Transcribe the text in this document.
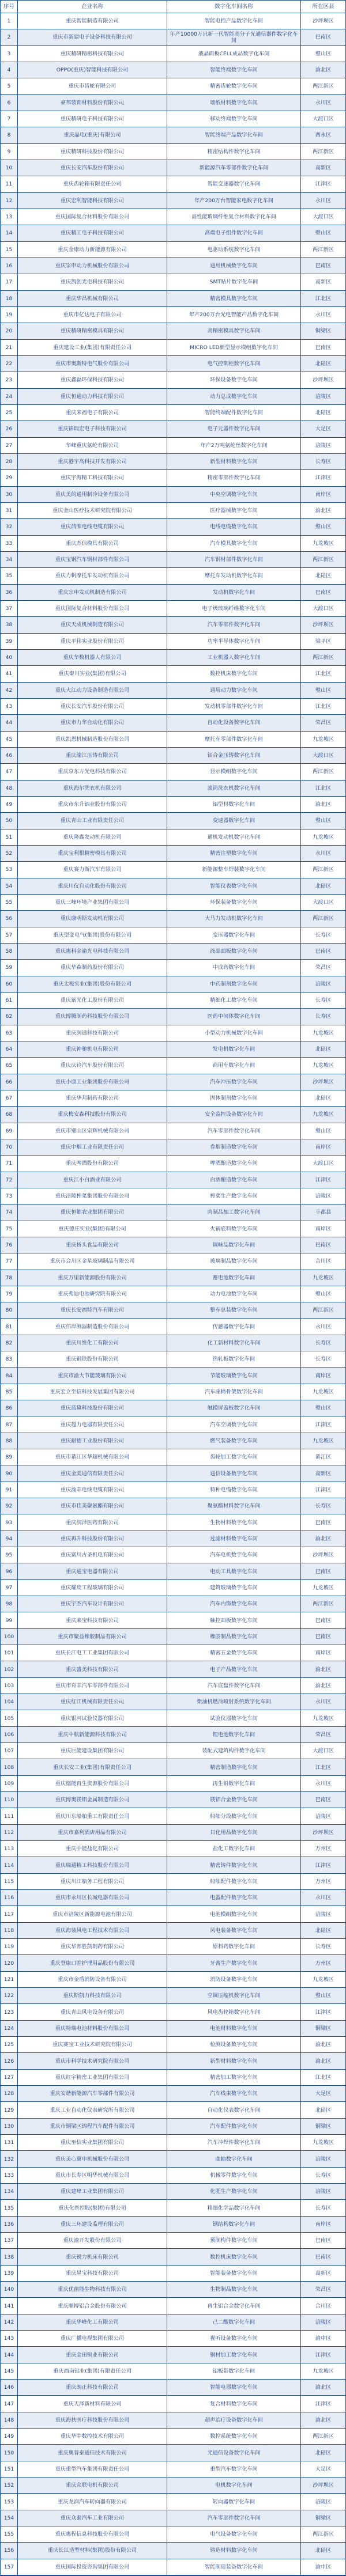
序号	企业名称	数字化车间名称	所在区县
1	重庆智能制造有限公司	智能电控产品数字化车间	沙坪坝区
2	重庆市新建电子设备科技有限公司	年产10000万只新一代智能高分子光通信器件数字化车间	巴南区
3	重庆精研精密科技有限公司	液晶面板CELL成品数字化车间	璧山区
4	OPPO(重庆)智能科技有限公司	智能终端数字化车间	渝北区
5	重庆市齿轮有限公司	精密齿轮数字化车间	两江新区
6	豪邦装饰材料股份有限公司	墙纸材料数字化车间	永川区
7	重庆精研电子科技有限公司	移动终端数字化车间	大渡口区
8	重庆晶电(重庆)有限公司	智能终端产品数字化车间	西永区
9	重庆精研科技股份有限公司	精密结构件数字化车间	两江新区
10	重庆长安汽车股份有限公司	新能源汽车零部件数字化车间	高新区
11	重庆齿轮箱有限责任公司	智能变速器数字化车间	江津区
12	重庆宏利智能科技有限公司	年产200万台智能家电数字化车间	永川区
13	重庆国际复合材料股份有限公司	高性能玻璃纤维复合材料数字化车间	大渡口区
14	重庆精工电子科技有限公司	高端电子组件数字化车间	壁山区
15	重庆金康动力新能源有限公司	电驱动系统数字化车间	两江新区
16	重庆宗申动力机械股份有限公司	通用机械数字化车间	巴南区
17	重庆凯创光电科技有限公司	SMT贴片数字化车间	高新区
18	重庆华昌机械有限公司	精密模具数字化车间	江北区
19	重庆市亿达电子有限公司	年产200万台光电智能产品数字化车间	永川区
20	重庆精研精密模具有限公司	高精密模具数字化车间	铜梁区
21	重庆建设工业(集团)有限责任公司	MICRO LED新型显示模组数字化车间	巴南区
22	重庆市奥斯特电气股份有限公司	电气控制柜数字化车间	北碚区
23	重庆鑫磊环保科技有限公司	环保设备数字化车间	沙坪坝区
24	重庆恒通动力科技有限公司	动力总成数字化车间	涪陵区
25	重庆来福电子有限公司	智能终端配件数字化车间	北碚区
26	重庆锦瑞宏电子科技有限公司	电子元器件数字化车间	大足区
27	华峰重庆氨纶有限公司	年产2万吨氨纶丝数字化车间	涪陵区
28	重庆港宇高科技开发有限公司	新型材料数字化车间	长寿区
29	重庆宇海精工科技有限公司	精密零部件数字化车间	江津区
30	重庆美的通用制冷设备有限公司	中央空调数字化车间	南岸区
31	重庆金山医疗技术研究院有限公司	医疗器械数字化车间	渝北区
32	重庆鸽牌电线电缆有限公司	电线电缆数字化车间	璧山区
33	重庆杰信模具有限公司	汽车模具数字化车间	九龙坡区
34	重庆宝钢汽车钢材部件有限公司	汽车钢材部件数字化车间	两江新区
35	重庆力帆摩托车发动机有限公司	摩托车发动机数字化车间	北碚区
36	重庆宗申发动机制造有限公司	发动机数字化车间	巴南区
37	重庆国际复合材料股份有限公司	电子级玻璃纤维数字化车间	大渡口区
38	重庆天成机械制造有限公司	汽车零部件数字化车间	沙坪坝区
39	重庆平伟实业股份有限公司	功率半导体数字化车间	梁平区
40	重庆华数机器人有限公司	工业机器人数字化车间	两江新区
41	重庆秦川实业(集团)有限公司	数控机床数字化车间	江北区
42	重庆大江动力设备制造有限公司	通用动力数字化车间	璧山区
43	重庆长安汽车股份有限公司	发动机零部件数字化车间	江北区
44	重庆市力华自动化有限公司	自动化设备数字化车间	荣昌区
45	重庆凯恩机械制造股份有限公司	摩托车零部件数字化车间	九龙坡区
46	重庆渝江压铸有限公司	铝合金压铸数字化车间	大渡口区
47	重庆京东方光电科技有限公司	显示模组数字化车间	两江新区
48	重庆海尔洗衣机有限公司	滚筒洗衣机数字化车间	江北区
49	重庆市东升铝业股份有限公司	铝型材数字化车间	渝北区
50	重庆青山工业有限责任公司	变速器数字化车间	璧山区
51	重庆隆鑫发动机有限公司	通机发动机数字化车间	九龙坡区
52	重庆宝利根精密模具有限公司	精密注塑数字化车间	永川区
53	重庆赛力斯汽车有限公司	新能源整车焊装数字化车间	两江新区
54	重庆川仪自动化股份有限公司	智能仪表数字化车间	北碚区
55	重庆三峰环境产业集团有限公司	环保装备数字化车间	大渡口区
56	重庆康明斯发动机有限公司	大马力发动机数字化车间	两江新区
57	重庆望变电气(集团)股份有限公司	变压器数字化车间	长寿区
58	重庆惠科金渝光电科技有限公司	液晶面板数字化车间	巴南区
59	重庆华森制药股份有限公司	中成药数字化车间	荣昌区
60	重庆太极实业(集团)股份有限公司	中药制剂数字化车间	涪陵区
61	重庆紫光化工股份有限公司	精细化工数字化车间	长寿区
62	重庆博腾制药科技股份有限公司	医药中间体数字化车间	长寿区
63	重庆润通科技有限公司	小型动力机械数字化车间	九龙坡区
64	重庆神驰机电有限公司	发电机数字化车间	北碚区
65	重庆庆铃汽车股份有限公司	商用车数字化车间	九龙坡区
66	重庆小康工业集团股份有限公司	汽车冲压数字化车间	沙坪坝区
67	重庆华邦制药有限公司	固体制剂数字化车间	北碚区
68	重庆梅安森科技股份有限公司	安全监控设备数字化车间	九龙坡区
69	重庆市璧山区宗辉机械有限公司	汽车零部件数字化车间	璧山区
70	重庆中烟工业有限责任公司	卷烟制造数字化车间	南岸区
71	重庆啤酒股份有限公司	啤酒酿造数字化车间	大渡口区
72	重庆江小白酒业有限公司	白酒酿造数字化车间	江津区
73	重庆涪陵榨菜集团股份有限公司	榨菜生产数字化车间	涪陵区
74	重庆恒都农业集团有限公司	肉制品加工数字化车间	丰都县
75	重庆德庄实业(集团)有限公司	火锅底料数字化车间	南岸区
76	重庆桥头食品有限公司	调味品数字化车间	巴南区
77	重庆市合川区金星玻璃制品有限公司	玻璃制品数字化车间	合川区
78	重庆万里新能源股份有限公司	蓄电池数字化车间	九龙坡区
79	重庆弗迪电池研究院有限公司	动力电池数字化车间	璧山区
80	重庆长安福特汽车有限公司	整车总装数字化车间	两江新区
81	重庆伟岸测器制造股份有限公司	传感器数字化车间	永川区
82	重庆川维化工有限公司	化工新材料数字化车间	长寿区
83	重庆钢铁股份有限公司	热轧板数字化车间	长寿区
84	重庆市渝大节能玻璃有限公司	节能玻璃数字化车间	南岸区
85	重庆宏立至信科技发展集团有限公司	汽车座椅骨架数字化车间	九龙坡区
86	重庆蓝黛科技股份有限公司	触摸屏盖板数字化车间	璧山区
87	重庆超力电器有限责任公司	汽车空调数字化车间	江津区
88	重庆耐德工业股份有限公司	燃气装备数字化车间	九龙坡区
89	重庆市綦江区华超机械有限公司	齿轮加工数字化车间	綦江区
90	重庆金美通信有限责任公司	通信设备数字化车间	高新区
91	重庆渝丰电线电缆有限公司	特种电缆数字化车间	江津区
92	重庆市佳美聚氨酯有限公司	聚氨酯材料数字化车间	长寿区
93	重庆润泽医药有限公司	生物材料数字化车间	巴南区
94	重庆再升科技股份有限公司	过滤材料数字化车间	渝北区
95	重庆富川古圣机电有限公司	汽车电机数字化车间	沙坪坝区
96	重庆通宝电器有限公司	电动工具数字化车间	巴南区
97	重庆耀皮工程玻璃有限公司	建筑玻璃数字化车间	九龙坡区
98	重庆宇杰汽车设计有限公司	汽车内饰数字化车间	两江新区
99	重庆莱宝科技有限公司	触控面板数字化车间	巴南区
100	重庆市聚益橡胶制品有限公司	橡胶制品数字化车间	巴南区
101	重庆长江电工工业集团有限公司	精密五金数字化车间	南岸区
102	重庆盛美科技有限公司	电子产品数字化车间	渝北区
103	重庆市舟丰汽车零部件有限公司	汽车底盘件数字化车间	渝北区
104	重庆红江机械有限责任公司	柴油机燃油喷射系统数字化车间	永川区
105	重庆银河试验仪器有限公司	试验仪器数字化车间	九龙坡区
106	重庆中航新能源科技有限公司	锂电池数字化车间	荣昌区
107	重庆巨能建设集团有限公司	装配式建筑构件数字化车间	大渡口区
108	重庆长安工业(集团)有限责任公司	精密制造数字化车间	江北区
109	重庆德能再生资源股份有限公司	再生铅数字化车间	永川区
110	重庆博奥镁铝金属制造有限公司	镁铝合金数字化车间	巴南区
111	重庆川东船舶重工有限责任公司	船舶分段数字化车间	涪陵区
112	重庆市嘉利酒店用品有限公司	日化用品数字化车间	沙坪坝区
113	重庆中能盐化有限公司	盐化工数字化车间	万州区
114	重庆瑞通精工科技股份有限公司	精密铸件数字化车间	江津区
115	重庆川江船务工程有限公司	船舶配件数字化车间	万州区
116	重庆市永川区长城电器有限公司	电器配件数字化车间	永川区
117	重庆市涪陵区新能源电池有限公司	电池模组数字化车间	涪陵区
118	重庆海装风电工程技术有限公司	风电装备数字化车间	北碚区
119	重庆华邦胜凯制药有限公司	原料药数字化车间	长寿区
120	重庆登康口腔护理用品股份有限公司	牙膏生产数字化车间	万州区
121	重庆市金盾消防设备有限公司	消防设备数字化车间	九龙坡区
122	重庆斯凯力科技有限公司	空调压缩机数字化车间	璧山区
123	重庆青山风电设备有限公司	风电齿轮箱数字化车间	江津区
124	重庆特瑞电池材料股份有限公司	电池材料数字化车间	铜梁区
125	重庆赛宝工业技术研究院有限公司	检测设备数字化车间	渝北区
126	重庆市科学技术研究院有限公司	新型材料数字化车间	渝北区
127	重庆红宇精密工业集团有限公司	精密加工数字化车间	江北区
128	重庆安谐新能源汽车零部件有限公司	汽车线束数字化车间	大足区
129	重庆工业自动化仪表研究所有限公司	自动化仪表数字化车间	北碚区
130	重庆市铜梁区锦程汽车配件有限公司	汽车配件数字化车间	铜梁区
131	重庆至信实业集团有限公司	汽车冲焊件数字化车间	九龙坡区
132	重庆美心翼申机械股份有限公司	曲轴数字化车间	涪陵区
133	重庆市长寿区明华机械有限公司	机械零件数字化车间	长寿区
134	重庆建峰工业集团有限公司	化肥生产数字化车间	涪陵区
135	重庆化医控股(集团)有限公司	精细化学品数字化车间	长寿区
136	重庆三环建设监理有限公司	钢结构数字化车间	南岸区
137	重庆渝开发股份有限公司	预制构件数字化车间	巴南区
138	重庆锐力机床有限公司	数控机床数字化车间	巴南区
139	重庆星宝科技有限公司	智能装备数字化车间	高新区
140	重庆优菌能生物科技有限公司	生物制品数字化车间	荣昌区
141	重庆顺博铝合金股份有限公司	再生铝合金数字化车间	合川区
142	重庆华峰化工有限公司	己二酸数字化车间	涪陵区
143	重庆广播电视集团有限公司	视听设备数字化车间	渝中区
144	重庆金田铜业有限公司	铜材加工数字化车间	江津区
145	重庆西南铝业(集团)有限责任公司	铝板带数字化车间	九龙坡区
146	重庆朗正科技有限公司	智能电器数字化车间	渝北区
147	重庆天泽新材料有限公司	复合材料数字化车间	江津区
148	重庆海扶医疗科技股份有限公司	超声治疗设备数字化车间	渝北区
149	重庆华中数控技术有限公司	数控系统数字化车间	两江新区
150	重庆奥普泰通信技术有限公司	光通信设备数字化车间	北碚区
151	重庆重型汽车集团有限责任公司	重型汽车数字化车间	大足区
152	重庆众联电机有限公司	电机数字化车间	沙坪坝区
153	重庆龙润汽车转向器有限公司	转向器数字化车间	涪陵区
154	重庆众泰汽车工业有限公司	汽车零部件数字化车间	铜梁区
155	重庆惠程信息科技股份有限公司	电气设备数字化车间	两江新区
156	重庆长江造型材料(集团)股份有限公司	铸造材料数字化车间	北碚区
157	重庆国际投资咨询集团有限公司	智能制造装备数字化车间	渝中区
